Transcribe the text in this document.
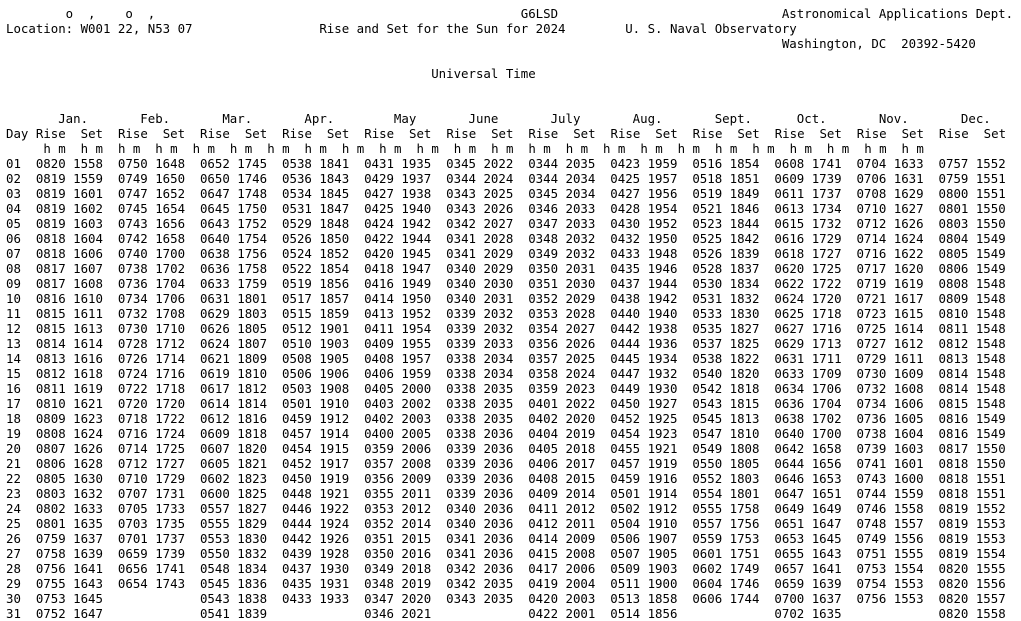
o  ,    o  ,                                                 G6LSD                              Astronomical Applications Dept.
Location: W001 22, N53 07                 Rise and Set for the Sun for 2024        U. S. Naval Observatory
Washington, DC  20392-5420

Universal Time

Jan.       Feb.       Mar.       Apr.        May       June       July       Aug.       Sept.      Oct.       Nov.       Dec.
Day Rise Set Rise Set Rise Set Rise Set Rise Set Rise Set Rise Set Rise Set Rise Set Rise Set Rise Set Rise Set
h m h m h m h m h m h m h m h m h m h m h m h m h m h m h m h m h m h m h m h m h m h m h m h m
01 0820 1558 0750 1648 0652 1745 0538 1841 0431 1935 0345 2022 0344 2035 0423 1959 0516 1854 0608 1741 0704 1633 0757 1552
02 0819 1559 0749 1650 0650 1746 0536 1843 0429 1937 0344 2024 0344 2034 0425 1957 0518 1851 0609 1739 0706 1631 0759 1551
03 0819 1601 0747 1652 0647 1748 0534 1845 0427 1938 0343 2025 0345 2034 0427 1956 0519 1849 0611 1737 0708 1629 0800 1551
04 0819 1602 0745 1654 0645 1750 0531 1847 0425 1940 0343 2026 0346 2033 0428 1954 0521 1846 0613 1734 0710 1627 0801 1550
05 0819 1603 0743 1656 0643 1752 0529 1848 0424 1942 0342 2027 0347 2033 0430 1952 0523 1844 0615 1732 0712 1626 0803 1550
06 0818 1604 0742 1658 0640 1754 0526 1850 0422 1944 0341 2028 0348 2032 0432 1950 0525 1842 0616 1729 0714 1624 0804 1549
07 0818 1606 0740 1700 0638 1756 0524 1852 0420 1945 0341 2029 0349 2032 0433 1948 0526 1839 0618 1727 0716 1622 0805 1549
08 0817 1607 0738 1702 0636 1758 0522 1854 0418 1947 0340 2029 0350 2031 0435 1946 0528 1837 0620 1725 0717 1620 0806 1549
09 0817 1608 0736 1704 0633 1759 0519 1856 0416 1949 0340 2030 0351 2030 0437 1944 0530 1834 0622 1722 0719 1619 0808 1548
10 0816 1610 0734 1706 0631 1801 0517 1857 0414 1950 0340 2031 0352 2029 0438 1942 0531 1832 0624 1720 0721 1617 0809 1548
11 0815 1611 0732 1708 0629 1803 0515 1859 0413 1952 0339 2032 0353 2028 0440 1940 0533 1830 0625 1718 0723 1615 0810 1548
12 0815 1613 0730 1710 0626 1805 0512 1901 0411 1954 0339 2032 0354 2027 0442 1938 0535 1827 0627 1716 0725 1614 0811 1548
13 0814 1614 0728 1712 0624 1807 0510 1903 0409 1955 0339 2033 0356 2026 0444 1936 0537 1825 0629 1713 0727 1612 0812 1548
14 0813 1616 0726 1714 0621 1809 0508 1905 0408 1957 0338 2034 0357 2025 0445 1934 0538 1822 0631 1711 0729 1611 0813 1548
15 0812 1618 0724 1716 0619 1810 0506 1906 0406 1959 0338 2034 0358 2024 0447 1932 0540 1820 0633 1709 0730 1609 0814 1548
16 0811 1619 0722 1718 0617 1812 0503 1908 0405 2000 0338 2035 0359 2023 0449 1930 0542 1818 0634 1706 0732 1608 0814 1548
17 0810 1621 0720 1720 0614 1814 0501 1910 0403 2002 0338 2035 0401 2022 0450 1927 0543 1815 0636 1704 0734 1606 0815 1548
18 0809 1623 0718 1722 0612 1816 0459 1912 0402 2003 0338 2035 0402 2020 0452 1925 0545 1813 0638 1702 0736 1605 0816 1549
19 0808 1624 0716 1724 0609 1818 0457 1914 0400 2005 0338 2036 0404 2019 0454 1923 0547 1810 0640 1700 0738 1604 0816 1549
20 0807 1626 0714 1725 0607 1820 0454 1915 0359 2006 0339 2036 0405 2018 0455 1921 0549 1808 0642 1658 0739 1603 0817 1550
21 0806 1628 0712 1727 0605 1821 0452 1917 0357 2008 0339 2036 0406 2017 0457 1919 0550 1805 0644 1656 0741 1601 0818 1550
22 0805 1630 0710 1729 0602 1823 0450 1919 0356 2009 0339 2036 0408 2015 0459 1916 0552 1803 0646 1653 0743 1600 0818 1551
23 0803 1632 0707 1731 0600 1825 0448 1921 0355 2011 0339 2036 0409 2014 0501 1914 0554 1801 0647 1651 0744 1559 0818 1551
24 0802 1633 0705 1733 0557 1827 0446 1922 0353 2012 0340 2036 0411 2012 0502 1912 0555 1758 0649 1649 0746 1558 0819 1552
25 0801 1635 0703 1735 0555 1829 0444 1924 0352 2014 0340 2036 0412 2011 0504 1910 0557 1756 0651 1647 0748 1557 0819 1553
26 0759 1637 0701 1737 0553 1830 0442 1926 0351 2015 0341 2036 0414 2009 0506 1907 0559 1753 0653 1645 0749 1556 0819 1553
27 0758 1639 0659 1739 0550 1832 0439 1928 0350 2016 0341 2036 0415 2008 0507 1905 0601 1751 0655 1643 0751 1555 0819 1554
28 0756 1641 0656 1741 0548 1834 0437 1930 0349 2018 0342 2036 0417 2006 0509 1903 0602 1749 0657 1641 0753 1554 0820 1555
29 0755 1643 0654 1743 0545 1836 0435 1931 0348 2019 0342 2035 0419 2004 0511 1900 0604 1746 0659 1639 0754 1553 0820 1556
30 0753 1645	0543 1838 0433 1933 0347 2020 0343 2035 0420 2003 0513 1858 0606 1744 0700 1637 0756 1553 0820 1557
31 0752 1647	0541 1839	0346 2021	0422 2001 0514 1856	0702 1635	0820 1558
